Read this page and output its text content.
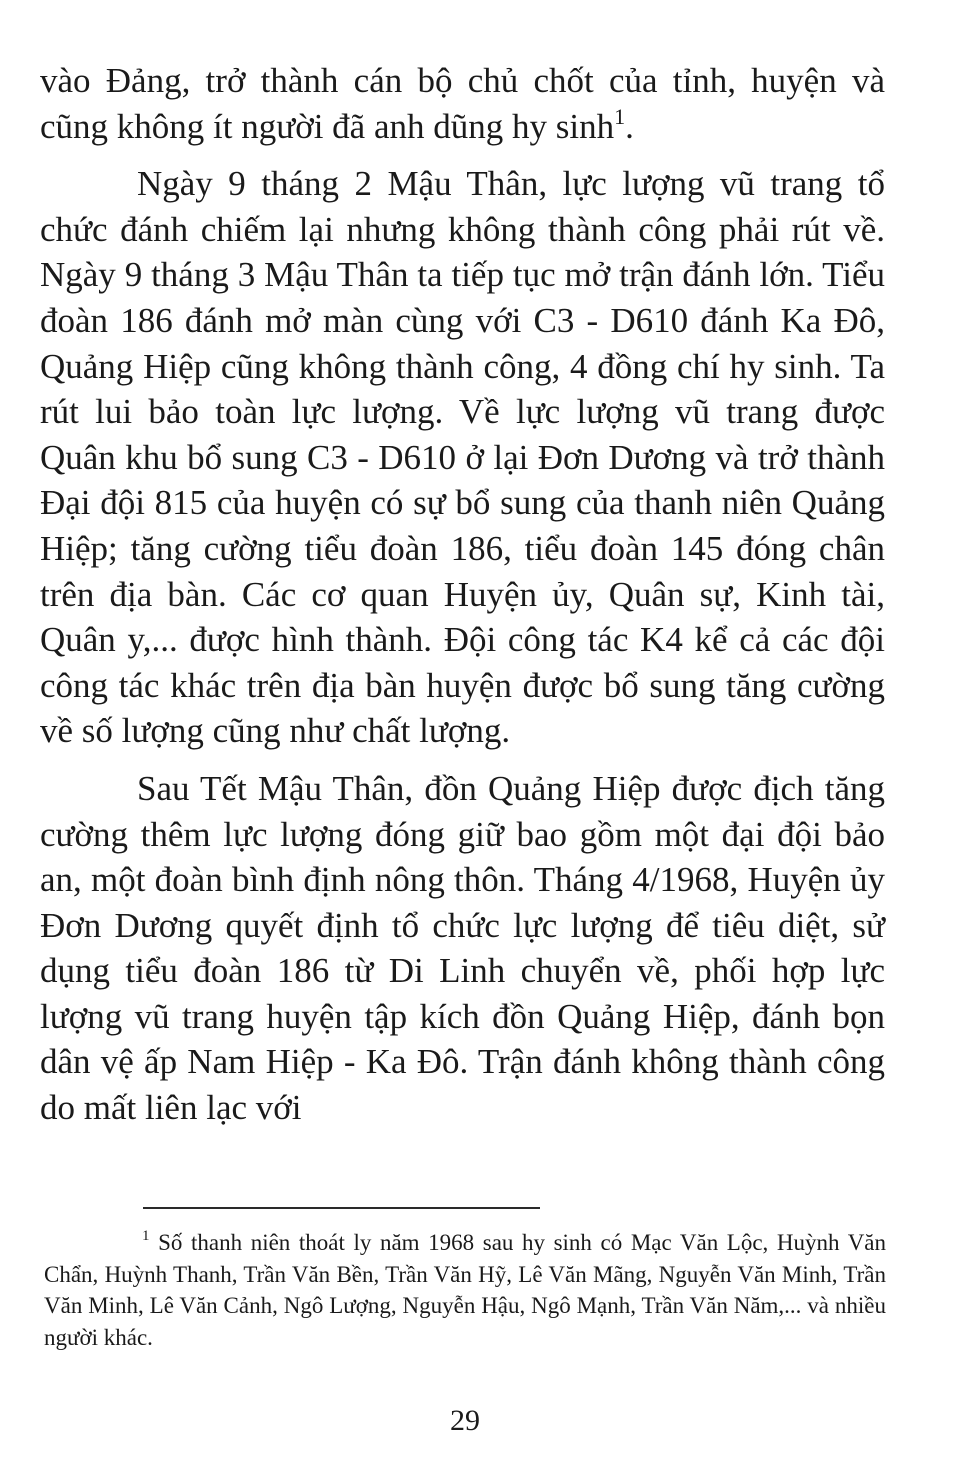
vào Đảng, trở thành cán bộ chủ chốt của tỉnh, huyện và cũng không ít người đã anh dũng hy $\sinh^1$.

Ngày 9 tháng 2 Mậu Thân, lực lượng vũ trang tổ chức đánh chiếm lại nhưng không thành công phải rút về. Ngày 9 tháng 3 Mậu Thân ta tiếp tục mở trận đánh lớn. Tiểu đoàn 186 đánh mở màn cùng với C3 - D610 đánh Ka Đô, Quảng Hiệp cũng không thành công, 4 đồng chí hy sinh. Ta rút lui bảo toàn lực lượng. Về lực lượng vũ trang được Quân khu bổ sung C3 - D610 ở lại Đơn Dương và trở thành Đại đội 815 của huyện có sự bổ sung của thanh niên Quảng Hiệp; tăng cường tiểu đoàn 186, tiểu đoàn 145 đóng chân trên địa bàn. Các cơ quan Huyện ủy, Quân sự, Kinh tài, Quân y,... được hình thành. Đội công tác K4 kể cả các đội công tác khác trên địa bàn huyện được bổ sung tăng cường về số lượng cũng như chất lượng.

Sau Tết Mậu Thân, đồn Quảng Hiệp được địch tăng cường thêm lực lượng đóng giữ bao gồm một đại đội bảo an, một đoàn bình định nông thôn. Tháng 4/1968, Huyện ủy Đơn Dương quyết định tổ chức lực lượng để tiêu diệt, sử dụng tiểu đoàn 186 từ Di Linh chuyển về, phối hợp lực lượng vũ trang huyện tập kích đồn Quảng Hiệp, đánh bọn dân vệ ấp Nam Hiệp - Ka Đô. Trận đánh không thành công do mất liên lạc với

$^1$ Số thanh niên thoát ly năm 1968 sau hy sinh có Mạc Văn Lộc, Huỳnh Văn Chẩn, Huỳnh Thanh, Trần Văn Bền, Trần Văn Hỹ, Lê Văn Mãng, Nguyễn Văn Minh, Trần Văn Minh, Lê Văn Cảnh, Ngô Lượng, Nguyễn Hậu, Ngô Mạnh, Trần Văn Năm,... và nhiều người khác.

29
